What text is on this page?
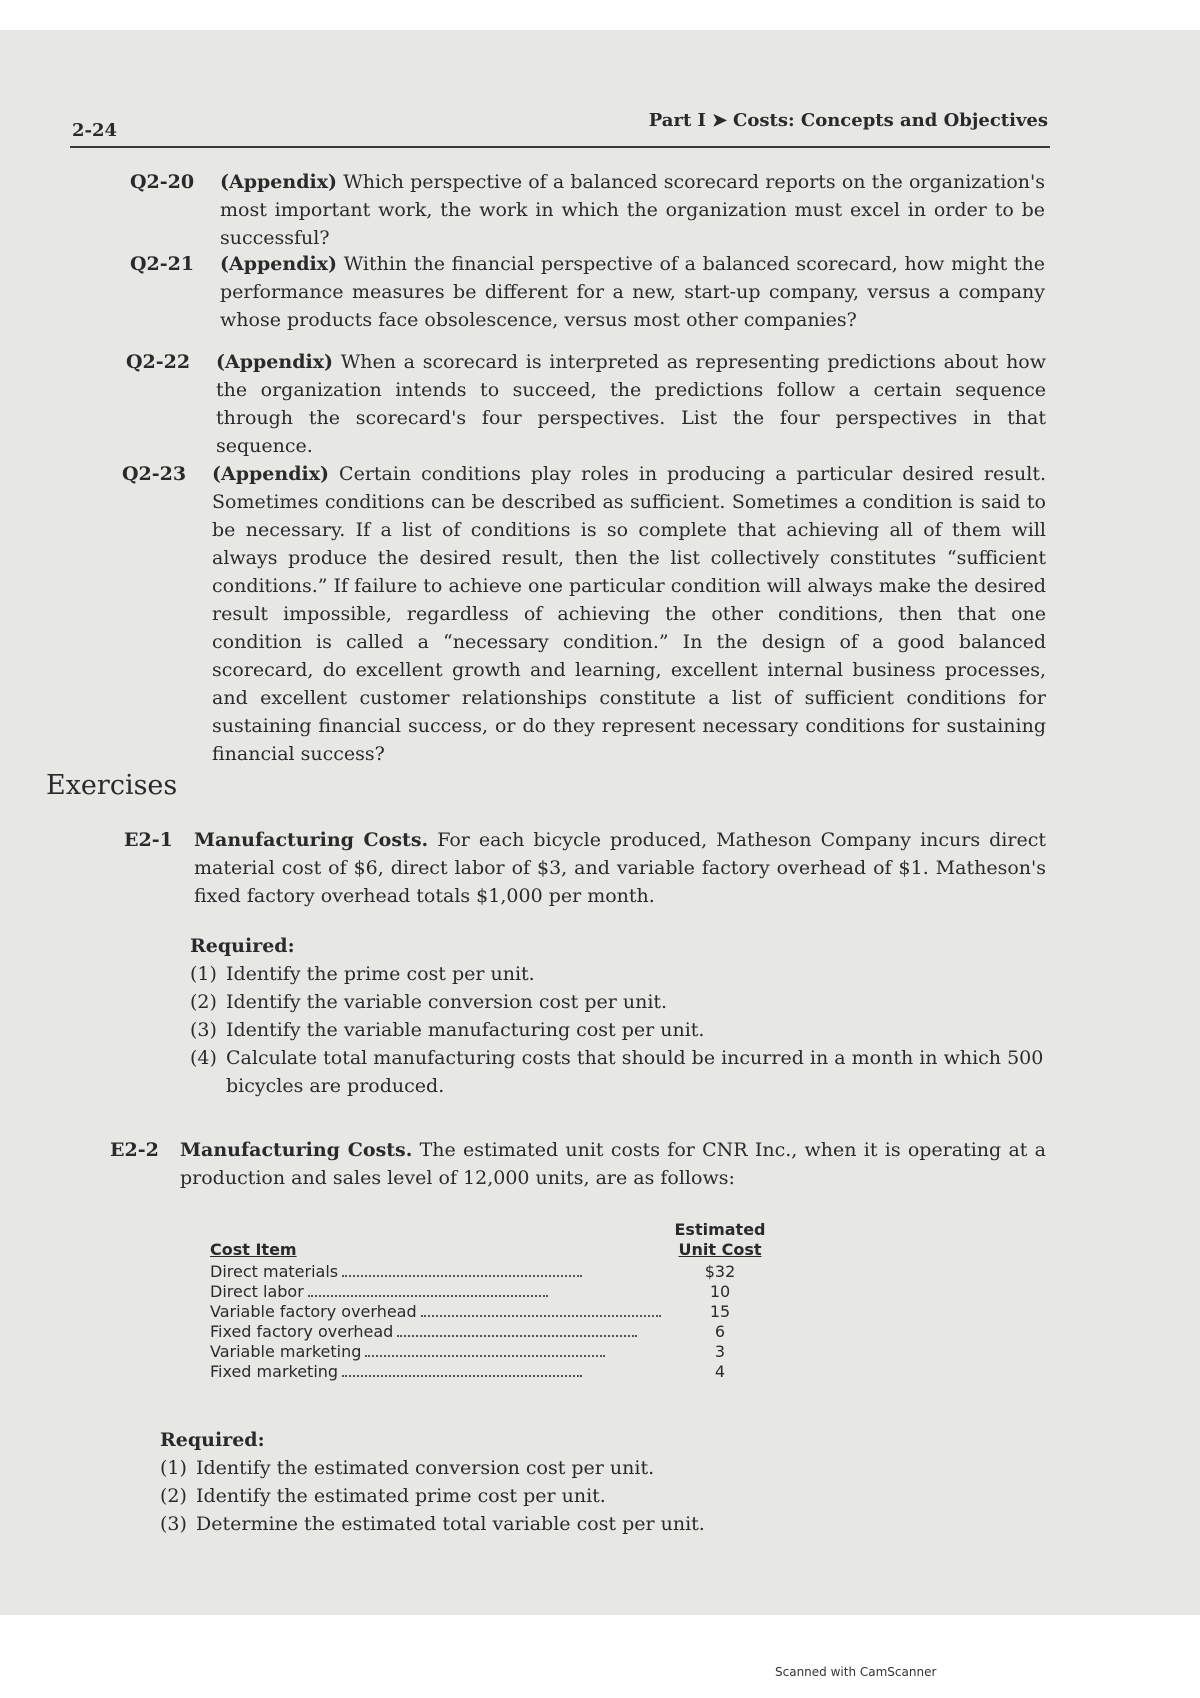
2-24	Part I ➤ Costs: Concepts and Objectives
Q2-20	(Appendix) Which perspective of a balanced scorecard reports on the organization's most important work, the work in which the organization must excel in order to be successful?
Q2-21	(Appendix) Within the financial perspective of a balanced scorecard, how might the performance measures be different for a new, start-up company, versus a company whose products face obsolescence, versus most other companies?
Q2-22	(Appendix) When a scorecard is interpreted as representing predictions about how the organization intends to succeed, the predictions follow a certain sequence through the scorecard's four perspectives. List the four perspectives in that sequence.
Q2-23	(Appendix) Certain conditions play roles in producing a particular desired result. Sometimes conditions can be described as sufficient. Sometimes a condition is said to be necessary. If a list of conditions is so complete that achieving all of them will always produce the desired result, then the list collectively constitutes “sufficient conditions.” If failure to achieve one particular condition will always make the desired result impossible, regardless of achieving the other conditions, then that one condition is called a “necessary condition.” In the design of a good balanced scorecard, do excellent growth and learning, excellent internal business processes, and excellent customer relationships constitute a list of sufficient conditions for sustaining financial success, or do they represent necessary conditions for sustaining financial success?
Exercises
E2-1 Manufacturing Costs. For each bicycle produced, Matheson Company incurs direct material cost of $6, direct labor of $3, and variable factory overhead of $1. Matheson's fixed factory overhead totals $1,000 per month.
Required:
(1) Identify the prime cost per unit.
(2) Identify the variable conversion cost per unit.
(3) Identify the variable manufacturing cost per unit.
(4) Calculate total manufacturing costs that should be incurred in a month in which 500 bicycles are produced.
E2-2 Manufacturing Costs. The estimated unit costs for CNR Inc., when it is operating at a production and sales level of 12,000 units, are as follows:
Estimated
Unit Cost
Cost Item
Direct materials	$32
Direct labor	10
Variable factory overhead	15
Fixed factory overhead	6
Variable marketing	3
Fixed marketing	4
Required:
(1) Identify the estimated conversion cost per unit.
(2) Identify the estimated prime cost per unit.
(3) Determine the estimated total variable cost per unit.
Scanned with CamScanner
